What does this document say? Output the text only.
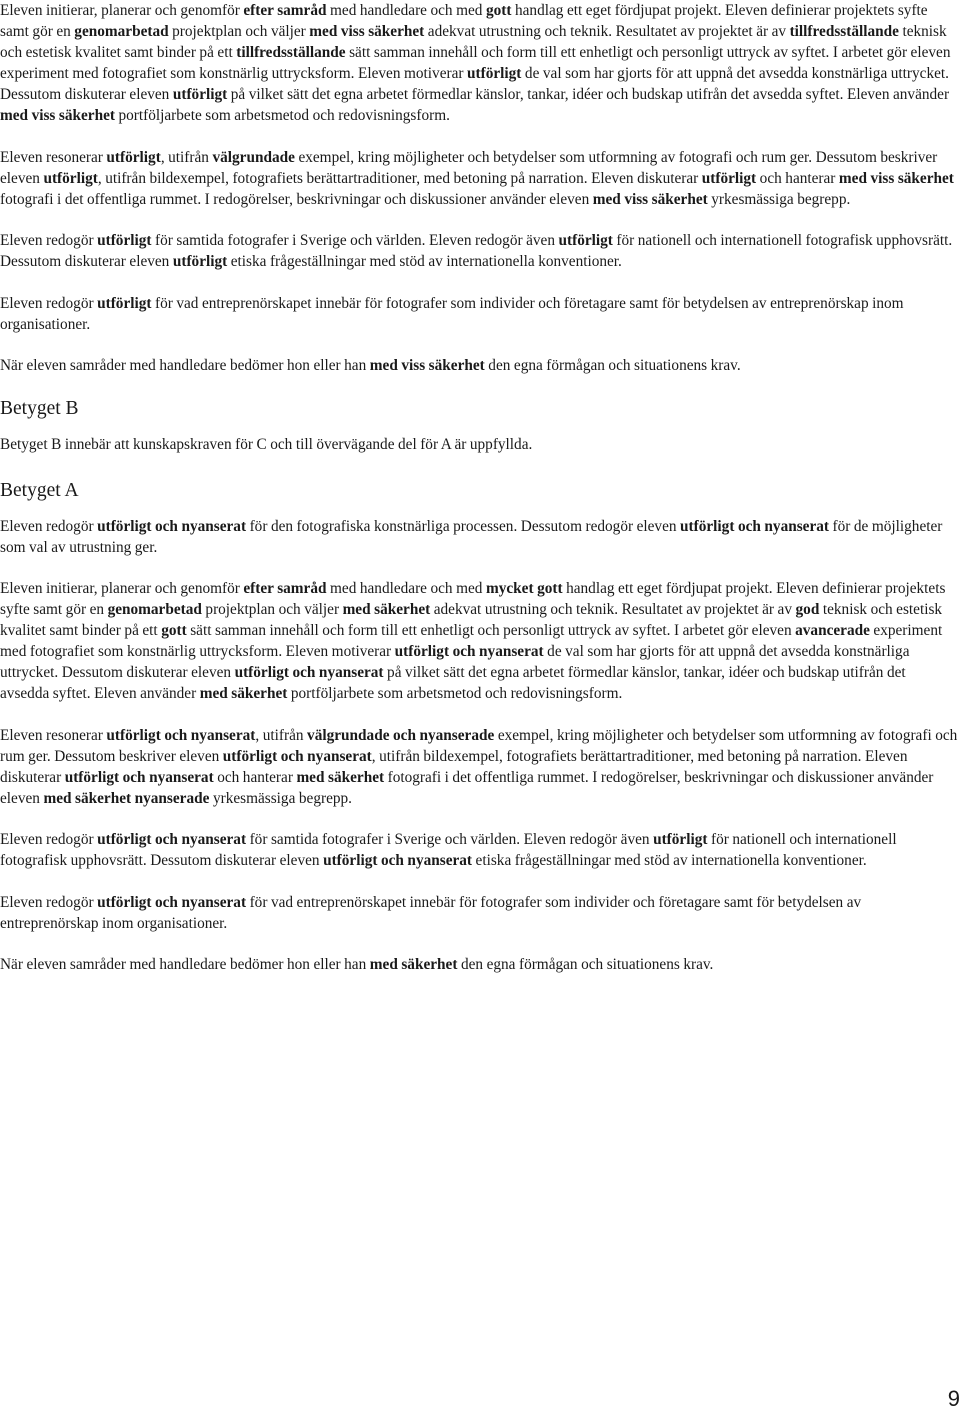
Eleven initierar, planerar och genomför efter samråd med handledare och med gott handlag ett eget fördjupat projekt. Eleven definierar projektets syfte samt gör en genomarbetad projektplan och väljer med viss säkerhet adekvat utrustning och teknik. Resultatet av projektet är av tillfredsställande teknisk och estetisk kvalitet samt binder på ett tillfredsställande sätt samman innehåll och form till ett enhetligt och personligt uttryck av syftet. I arbetet gör eleven experiment med fotografiet som konstnärlig uttrycksform. Eleven motiverar utförligt de val som har gjorts för att uppnå det avsedda konstnärliga uttrycket. Dessutom diskuterar eleven utförligt på vilket sätt det egna arbetet förmedlar känslor, tankar, idéer och budskap utifrån det avsedda syftet. Eleven använder med viss säkerhet portföljarbete som arbetsmetod och redovisningsform.

Eleven resonerar utförligt, utifrån välgrundade exempel, kring möjligheter och betydelser som utformning av fotografi och rum ger. Dessutom beskriver eleven utförligt, utifrån bildexempel, fotografiets berättartraditioner, med betoning på narration. Eleven diskuterar utförligt och hanterar med viss säkerhet fotografi i det offentliga rummet. I redogörelser, beskrivningar och diskussioner använder eleven med viss säkerhet yrkesmässiga begrepp.

Eleven redogör utförligt för samtida fotografer i Sverige och världen. Eleven redogör även utförligt för nationell och internationell fotografisk upphovsrätt. Dessutom diskuterar eleven utförligt etiska frågeställningar med stöd av internationella konventioner.

Eleven redogör utförligt för vad entreprenörskapet innebär för fotografer som individer och företagare samt för betydelsen av entreprenörskap inom organisationer.

När eleven samråder med handledare bedömer hon eller han med viss säkerhet den egna förmågan och situationens krav.

Betyget B

Betyget B innebär att kunskapskraven för C och till övervägande del för A är uppfyllda.

Betyget A

Eleven redogör utförligt och nyanserat för den fotografiska konstnärliga processen. Dessutom redogör eleven utförligt och nyanserat för de möjligheter som val av utrustning ger.

Eleven initierar, planerar och genomför efter samråd med handledare och med mycket gott handlag ett eget fördjupat projekt. Eleven definierar projektets syfte samt gör en genomarbetad projektplan och väljer med säkerhet adekvat utrustning och teknik. Resultatet av projektet är av god teknisk och estetisk kvalitet samt binder på ett gott sätt samman innehåll och form till ett enhetligt och personligt uttryck av syftet. I arbetet gör eleven avancerade experiment med fotografiet som konstnärlig uttrycksform. Eleven motiverar utförligt och nyanserat de val som har gjorts för att uppnå det avsedda konstnärliga uttrycket. Dessutom diskuterar eleven utförligt och nyanserat på vilket sätt det egna arbetet förmedlar känslor, tankar, idéer och budskap utifrån det avsedda syftet. Eleven använder med säkerhet portföljarbete som arbetsmetod och redovisningsform.

Eleven resonerar utförligt och nyanserat, utifrån välgrundade och nyanserade exempel, kring möjligheter och betydelser som utformning av fotografi och rum ger. Dessutom beskriver eleven utförligt och nyanserat, utifrån bildexempel, fotografiets berättartraditioner, med betoning på narration. Eleven diskuterar utförligt och nyanserat och hanterar med säkerhet fotografi i det offentliga rummet. I redogörelser, beskrivningar och diskussioner använder eleven med säkerhet nyanserade yrkesmässiga begrepp.

Eleven redogör utförligt och nyanserat för samtida fotografer i Sverige och världen. Eleven redogör även utförligt för nationell och internationell fotografisk upphovsrätt. Dessutom diskuterar eleven utförligt och nyanserat etiska frågeställningar med stöd av internationella konventioner.

Eleven redogör utförligt och nyanserat för vad entreprenörskapet innebär för fotografer som individer och företagare samt för betydelsen av entreprenörskap inom organisationer.

När eleven samråder med handledare bedömer hon eller han med säkerhet den egna förmågan och situationens krav.

9
